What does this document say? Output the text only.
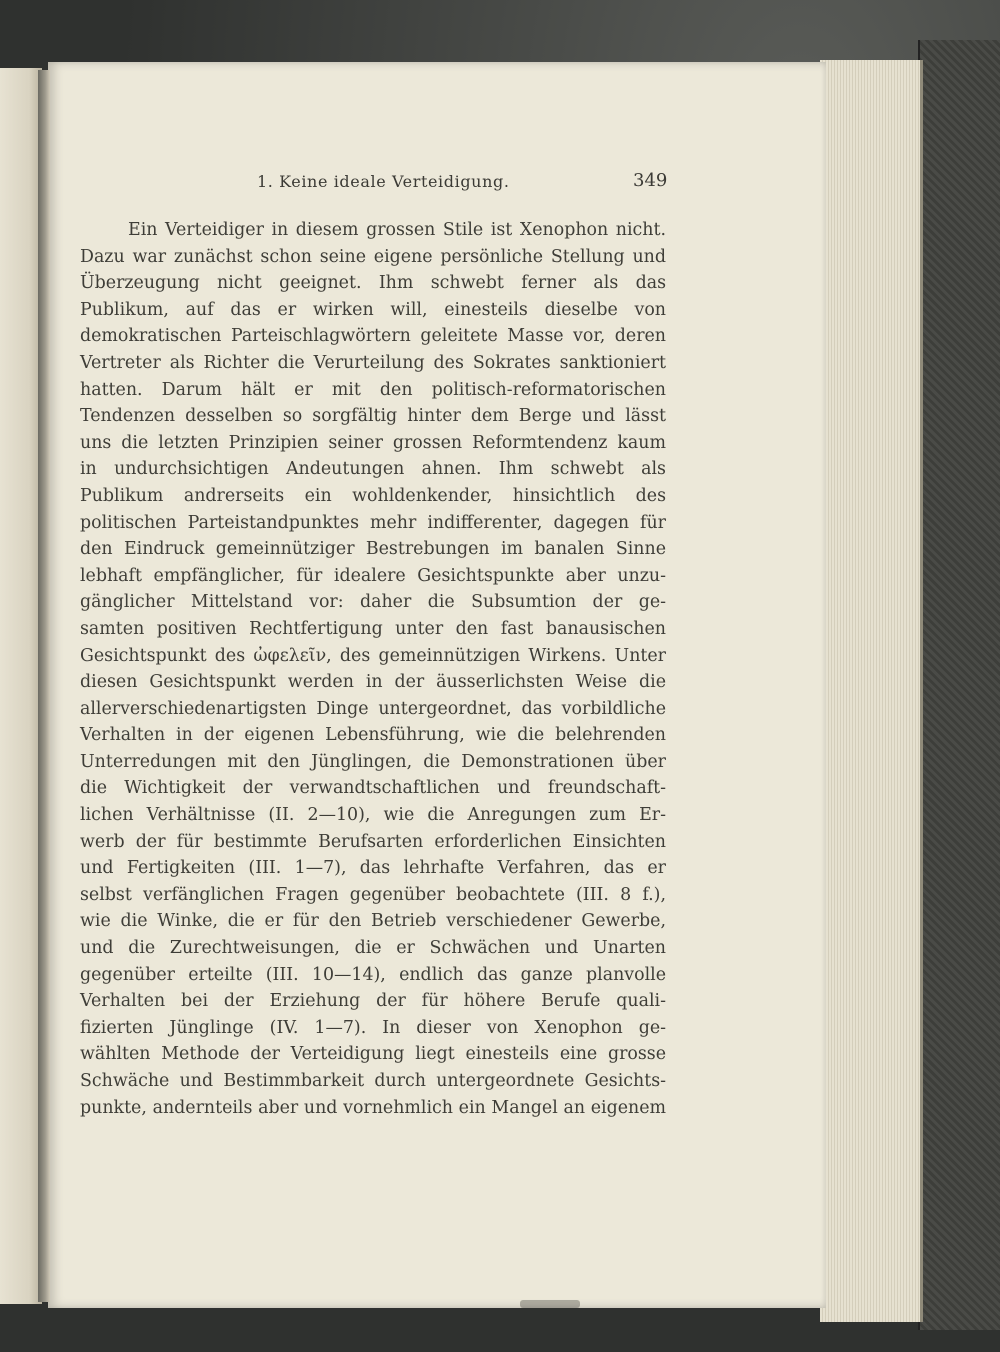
1. Keine ideale Verteidigung.	349
Ein Verteidiger in diesem grossen Stile ist Xenophon nicht.
Dazu war zunächst schon seine eigene persönliche Stellung und
Überzeugung nicht geeignet. Ihm schwebt ferner als das
Publikum, auf das er wirken will, einesteils dieselbe von
demokratischen Parteischlagwörtern geleitete Masse vor, deren
Vertreter als Richter die Verurteilung des Sokrates sanktioniert
hatten. Darum hält er mit den politisch-reformatorischen
Tendenzen desselben so sorgfältig hinter dem Berge und lässt
uns die letzten Prinzipien seiner grossen Reformtendenz kaum
in undurchsichtigen Andeutungen ahnen. Ihm schwebt als
Publikum andrerseits ein wohldenkender, hinsichtlich des
politischen Parteistandpunktes mehr indifferenter, dagegen für
den Eindruck gemeinnütziger Bestrebungen im banalen Sinne
lebhaft empfänglicher, für idealere Gesichtspunkte aber unzu-
gänglicher Mittelstand vor: daher die Subsumtion der ge-
samten positiven Rechtfertigung unter den fast banausischen
Gesichtspunkt des ὠφελεῖν, des gemeinnützigen Wirkens. Unter
diesen Gesichtspunkt werden in der äusserlichsten Weise die
allerverschiedenartigsten Dinge untergeordnet, das vorbildliche
Verhalten in der eigenen Lebensführung, wie die belehrenden
Unterredungen mit den Jünglingen, die Demonstrationen über
die Wichtigkeit der verwandtschaftlichen und freundschaft-
lichen Verhältnisse (II. 2—10), wie die Anregungen zum Er-
werb der für bestimmte Berufsarten erforderlichen Einsichten
und Fertigkeiten (III. 1—7), das lehrhafte Verfahren, das er
selbst verfänglichen Fragen gegenüber beobachtete (III. 8 f.),
wie die Winke, die er für den Betrieb verschiedener Gewerbe,
und die Zurechtweisungen, die er Schwächen und Unarten
gegenüber erteilte (III. 10—14), endlich das ganze planvolle
Verhalten bei der Erziehung der für höhere Berufe quali-
fizierten Jünglinge (IV. 1—7). In dieser von Xenophon ge-
wählten Methode der Verteidigung liegt einesteils eine grosse
Schwäche und Bestimmbarkeit durch untergeordnete Gesichts-
punkte, andernteils aber und vornehmlich ein Mangel an eigenem
